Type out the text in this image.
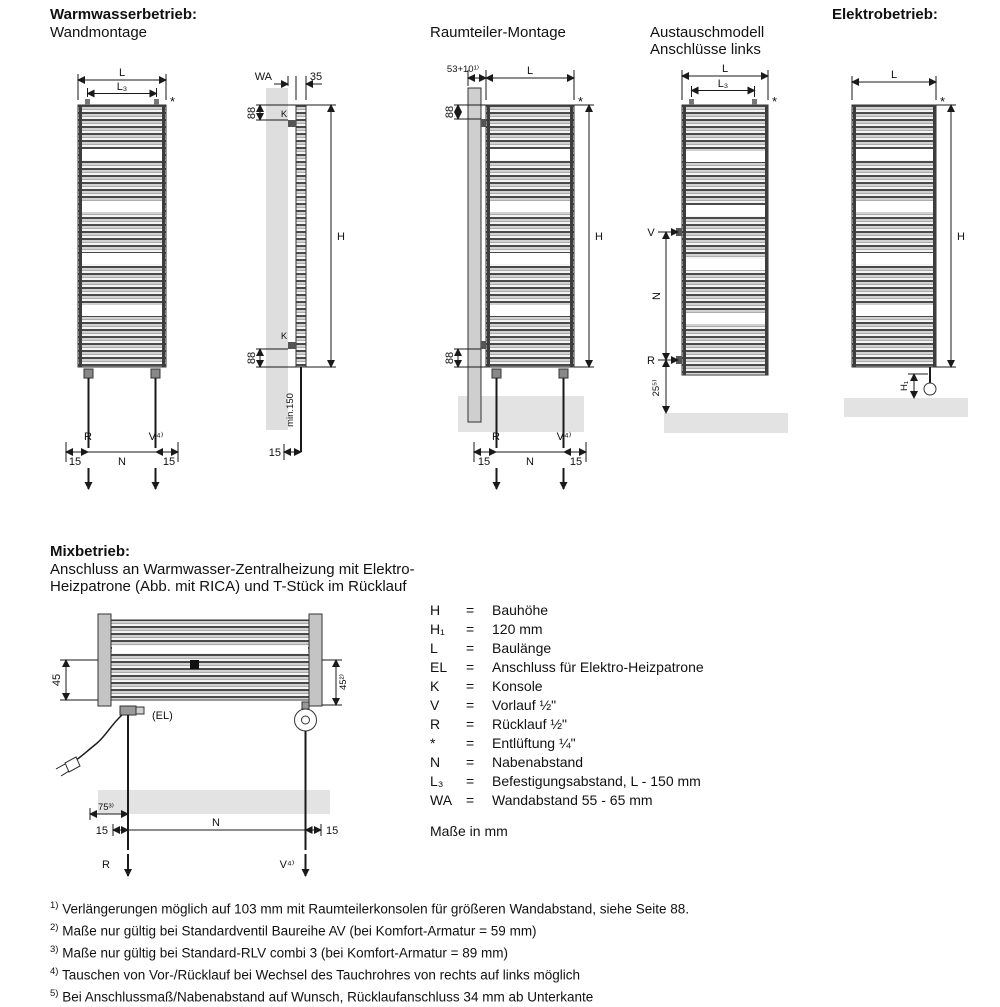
Warmwasserbetrieb:
Wandmontage	Raumteiler-Montage	Austauschmodell
Anschlüsse links
Elektrobetrieb:
L
L₃
*
R	V⁴⁾
15	N	15
K
K
WA	35
88
88
H
min.150
15
53+10¹⁾	L
*
88
88
H
R	V⁴⁾
15	N	15
L
L₃
*
V
N
R
25⁵⁾
L
*
H
H₁
Mixbetrieb:
Anschluss an Warmwasser-Zentralheizung mit Elektro-
Heizpatrone (Abb. mit RICA) und T-Stück im Rücklauf
45	45²⁾
(EL)
75³⁾
15
N
15
R	V⁴⁾
H	=	Bauhöhe
H₁	=	120 mm
L	=	Baulänge
EL	=	Anschluss für Elektro-Heizpatrone
K	=	Konsole
V	=	Vorlauf ½"
R	=	Rücklauf ½"
*	=	Entlüftung ¼"
N	=	Nabenabstand
L₃	=	Befestigungsabstand, L - 150 mm
WA =	Wandabstand 55 - 65 mm
Maße in mm
$^{1)}$ Verlängerungen möglich auf 103 mm mit Raumteilerkonsolen für größeren Wandabstand, siehe Seite 88.
$^{2)}$ Maße nur gültig bei Standardventil Baureihe AV (bei Komfort-Armatur = 59 mm)
$^{3)}$ Maße nur gültig bei Standard-RLV combi 3 (bei Komfort-Armatur = 89 mm)
$^{4)}$ Tauschen von Vor-/Rücklauf bei Wechsel des Tauchrohres von rechts auf links möglich
$^{5)}$ Bei Anschlussmaß/Nabenabstand auf Wunsch, Rücklaufanschluss 34 mm ab Unterkante
